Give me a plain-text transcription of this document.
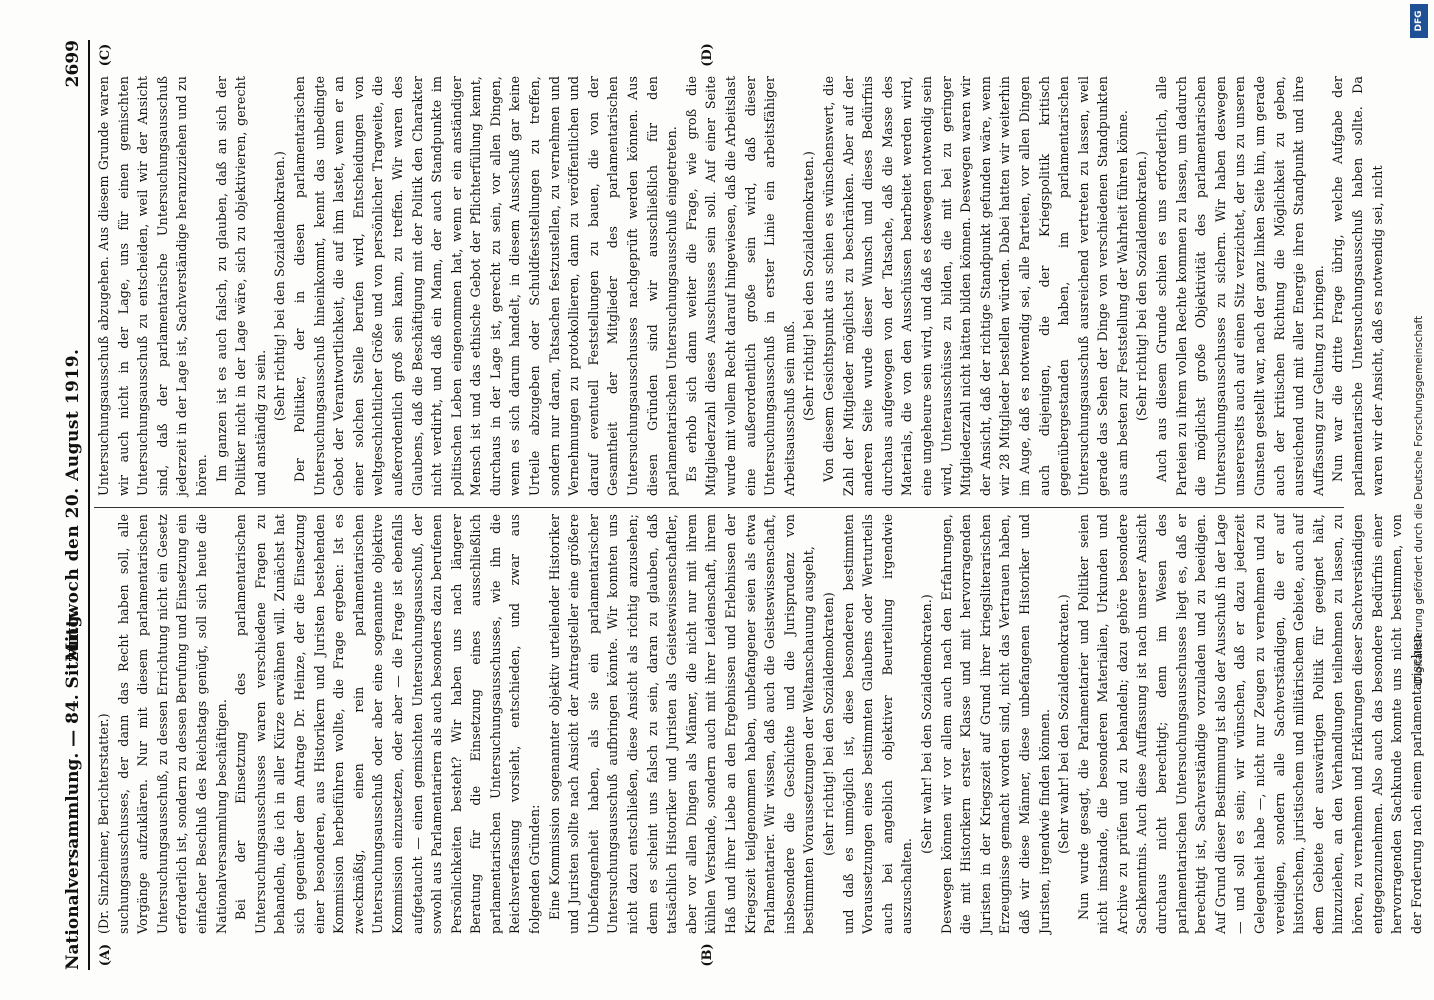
Nationalversammlung. — 84. Sitzung.
Mittwoch den 20. August 1919.
2699
(A)	(B)
(C)	(D)

(Dr. Sinzheimer, Berichterstatter.) suchungsausschusses, der dann das Recht haben soll, alle Vorgänge aufzuklären. Nur mit diesem parlamentarischen Untersuchungsausschuß, zu dessen Errichtung nicht ein Gesetz erforderlich ist, sondern zu dessen Berufung und Einsetzung ein einfacher Beschluß des Reichstags genügt, soll sich heute die Nationalversammlung beschäftigen. Bei der Einsetzung des parlamentarischen Untersuchungsausschusses waren verschiedene Fragen zu behandeln, die ich in aller Kürze erwähnen will. Zunächst hat sich gegenüber dem Antrage Dr. Heinze, der die Einsetzung einer besonderen, aus Historikern und Juristen bestehenden Kommission herbeiführen wollte, die Frage ergeben: Ist es zweckmäßig, einen rein parlamentarischen Untersuchungsausschuß oder aber eine sogenannte objektive Kommission einzusetzen, oder aber — die Frage ist ebenfalls aufgetaucht — einen gemischten Untersuchungsausschuß, der sowohl aus Parlamentariern als auch besonders dazu berufenen Persönlichkeiten besteht? Wir haben uns nach längerer Beratung für die Einsetzung eines ausschließlich parlamentarischen Untersuchungsausschusses, wie ihn die Reichsverfassung vorsieht, entschieden, und zwar aus folgenden Gründen: Eine Kommission sogenannter objektiv urteilender Historiker und Juristen sollte nach Ansicht der Antragsteller eine größere Unbefangenheit haben, als sie ein parlamentarischer Untersuchungsausschuß aufbringen könnte. Wir konnten uns nicht dazu entschließen, diese Ansicht als richtig anzusehen; denn es scheint uns falsch zu sein, daran zu glauben, daß tatsächlich Historiker und Juristen als Geisteswissenschaftler, aber vor allen Dingen als Männer, die nicht nur mit ihrem kühlen Verstande, sondern auch mit ihrer Leidenschaft, ihrem Haß und ihrer Liebe an den Ergebnissen und Erlebnissen der Kriegszeit teilgenommen haben, unbefangener seien als etwa Parlamentarier. Wir wissen, daß auch die Geisteswissenschaft, insbesondere die Geschichte und die Jurisprudenz von bestimmten Voraussetzungen der Weltanschauung ausgeht, (sehr richtig! bei den Sozialdemokraten) und daß es unmöglich ist, diese besonderen bestimmten Voraussetzungen eines bestimmten Glaubens oder Werturteils auch bei angeblich objektiver Beurteilung irgendwie auszuschalten.

(Sehr wahr! bei den Sozialdemokraten.) Deswegen können wir vor allem auch nach den Erfahrungen, die mit Historikern erster Klasse und mit hervorragenden Juristen in der Kriegszeit auf Grund ihrer kriegsliterarischen Erzeugnisse gemacht worden sind, nicht das Vertrauen haben, daß wir diese Männer, diese unbefangenen Historiker und Juristen, irgendwie finden können. (Sehr wahr! bei den Sozialdemokraten.) Nun wurde gesagt, die Parlamentarier und Politiker seien nicht imstande, die besonderen Materialien, Urkunden und Archive zu prüfen und zu behandeln; dazu gehöre besondere Sachkenntnis. Auch diese Auffassung ist nach unserer Ansicht durchaus nicht berechtigt; denn im Wesen des parlamentarischen Untersuchungsausschusses liegt es, daß er berechtigt ist, Sachverständige vorzuladen und zu beeidigen. Auf Grund dieser Bestimmung ist also der Ausschuß in der Lage — und soll es sein; wir wünschen, daß er dazu jederzeit Gelegenheit habe —, nicht nur Zeugen zu vernehmen und zu vereidigen, sondern alle Sachverständigen, die er auf historischem, juristischem und militärischem Gebiete, auch auf dem Gebiete der auswärtigen Politik für geeignet hält, hinzuziehen, an den Verhandlungen teilnehmen zu lassen, zu hören, zu vernehmen und Erklärungen dieser Sachverständigen entgegenzunehmen. Also auch das besondere Bedürfnis einer hervorragenden Sachkunde konnte uns nicht bestimmen, von der Forderung nach einem parlamentarischen

Untersuchungsausschuß abzugehen. Aus diesem Grunde waren wir auch nicht in der Lage, uns für einen gemischten Untersuchungsausschuß zu entscheiden, weil wir der Ansicht sind, daß der parlamentarische Untersuchungsausschuß jederzeit in der Lage ist, Sachverständige heranzuziehen und zu hören. Im ganzen ist es auch falsch, zu glauben, daß an sich der Politiker nicht in der Lage wäre, sich zu objektivieren, gerecht und anständig zu sein.

(Sehr richtig! bei den Sozialdemokraten.) Der Politiker, der in diesen parlamentarischen Untersuchungsausschuß hineinkommt, kennt das unbedingte Gebot der Verantwortlichkeit, die auf ihm lastet, wenn er an einer solchen Stelle berufen wird, Entscheidungen von weltgeschichtlicher Größe und von persönlicher Tragweite, die außerordentlich groß sein kann, zu treffen. Wir waren des Glaubens, daß die Beschäftigung mit der Politik den Charakter nicht verdirbt, und daß ein Mann, der auch Standpunkte im politischen Leben eingenommen hat, wenn er ein anständiger Mensch ist und das ethische Gebot der Pflichterfüllung kennt, durchaus in der Lage ist, gerecht zu sein, vor allen Dingen, wenn es sich darum handelt, in diesem Ausschuß gar keine Urteile abzugeben oder Schuldfeststellungen zu treffen, sondern nur daran, Tatsachen festzustellen, zu vernehmen und Vernehmungen zu protokollieren, dann zu veröffentlichen und darauf eventuell Feststellungen zu bauen, die von der Gesamtheit der Mitglieder des parlamentarischen Untersuchungsausschusses nachgeprüft werden können. Aus diesen Gründen sind wir ausschließlich für den parlamentarischen Untersuchungsausschuß eingetreten. Es erhob sich dann weiter die Frage, wie groß die Mitgliederzahl dieses Ausschusses sein soll. Auf einer Seite wurde mit vollem Recht darauf hingewiesen, daß die Arbeitslast eine außerordentlich große sein wird, daß dieser Untersuchungsausschuß in erster Linie ein arbeitsfähiger Arbeitsausschuß sein muß. (Sehr richtig! bei den Sozialdemokraten.) Von diesem Gesichtspunkt aus schien es wünschenswert, die Zahl der Mitglieder möglichst zu beschränken. Aber auf der anderen Seite wurde dieser Wunsch und dieses Bedürfnis durchaus aufgewogen von der Tatsache, daß die Masse des Materials, die von den Ausschüssen bearbeitet werden wird, eine ungeheure sein wird, und daß es deswegen notwendig sein wird, Unterausschüsse zu bilden, die mit bei zu geringer Mitgliederzahl nicht hätten bilden können. Deswegen waren wir der Ansicht, daß der richtige Standpunkt gefunden wäre, wenn wir 28 Mitglieder bestellen würden. Dabei hatten wir weiterhin im Auge, daß es notwendig sei, alle Parteien, vor allen Dingen auch diejenigen, die der Kriegspolitik kritisch gegenübergestanden haben, im parlamentarischen Untersuchungsausschuß ausreichend vertreten zu lassen, weil gerade das Sehen der Dinge von verschiedenen Standpunkten aus am besten zur Feststellung der Wahrheit führen könne. (Sehr richtig! bei den Sozialdemokraten.) Auch aus diesem Grunde schien es uns erforderlich, alle Parteien zu ihrem vollen Rechte kommen zu lassen, um dadurch die möglichst große Objektivität des parlamentarischen Untersuchungsausschusses zu sichern. Wir haben deswegen unsererseits auch auf einen Sitz verzichtet, der uns zu unseren Gunsten gestellt war, nach der ganz linken Seite hin, um gerade auch der kritischen Richtung die Möglichkeit zu geben, ausreichend und mit aller Energie ihren Standpunkt und ihre Auffassung zur Geltung zu bringen. Nun war die dritte Frage übrig, welche Aufgabe der parlamentarische Untersuchungsausschuß haben sollte. Da waren wir der Ansicht, daß es notwendig sei, nicht

DFG
Digitalisierung gefördert durch die Deutsche Forschungsgemeinschaft
